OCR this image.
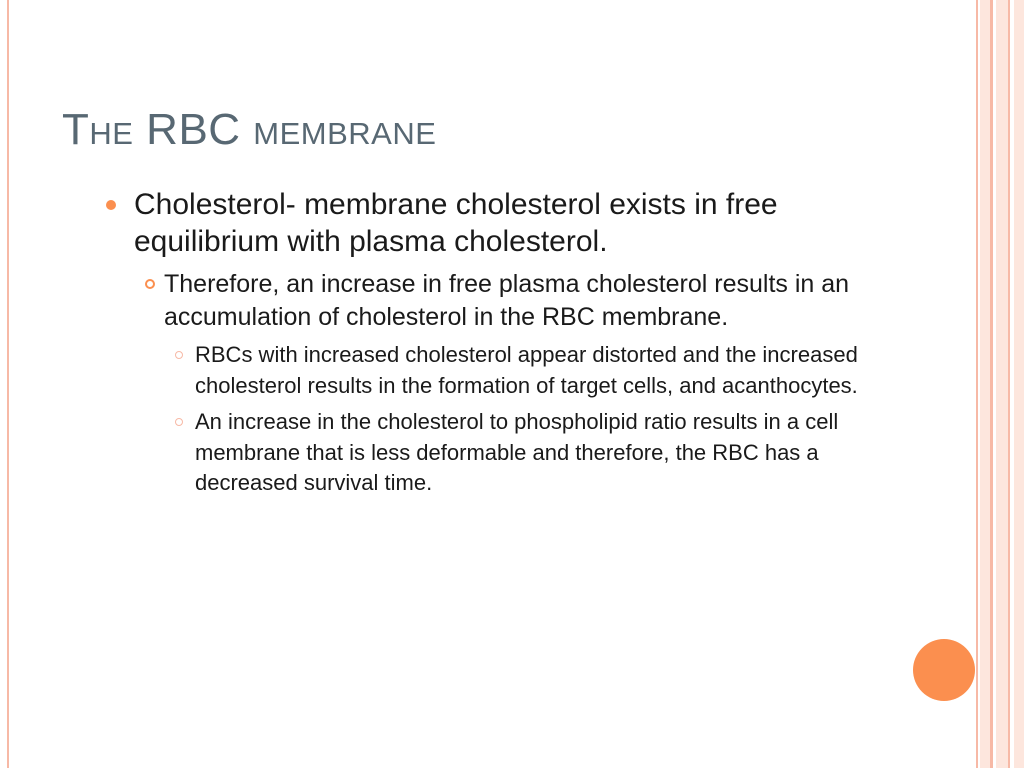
The RBC membrane

Cholesterol- membrane cholesterol exists in free equilibrium with plasma cholesterol.

Therefore, an increase in free plasma cholesterol results in an accumulation of cholesterol in the RBC membrane.

RBCs with increased cholesterol appear distorted and the increased cholesterol results in the formation of target cells, and acanthocytes.

An increase in the cholesterol to phospholipid ratio results in a cell membrane that is less deformable and therefore, the RBC has a decreased survival time.
